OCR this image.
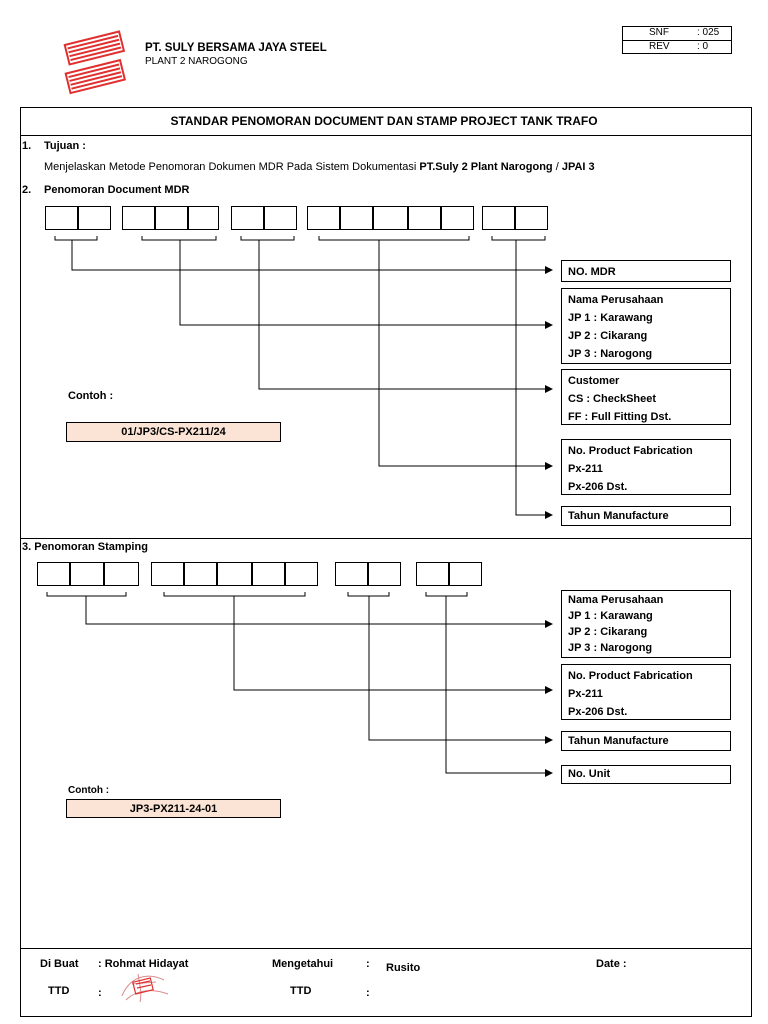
PT. SULY BERSAMA JAYA STEEL
PLANT 2 NAROGONG
SNF	: 025
REV	: 0
STANDAR PENOMORAN DOCUMENT DAN STAMP PROJECT TANK TRAFO
1. Tujuan :
Menjelaskan Metode Penomoran Dokumen MDR Pada Sistem Dokumentasi PT.Suly 2 Plant Narogong / JPAI 3
2. Penomoran Document MDR
NO. MDR
Nama Perusahaan
JP 1 : Karawang
JP 2 : Cikarang
JP 3 : Narogong
Customer
CS : CheckSheet
FF : Full Fitting Dst.
No. Product Fabrication
Px-211
Px-206 Dst.
Tahun Manufacture
Contoh :
01/JP3/CS-PX211/24
3. Penomoran Stamping
Nama Perusahaan
JP 1 : Karawang
JP 2 : Cikarang
JP 3 : Narogong
No. Product Fabrication
Px-211
Px-206 Dst.
Tahun Manufacture
No. Unit
Contoh :
JP3-PX211-24-01
Di Buat : Rohmat Hidayat	Mengetahui	: Rusito	Date :
TTD	:	TTD	:
